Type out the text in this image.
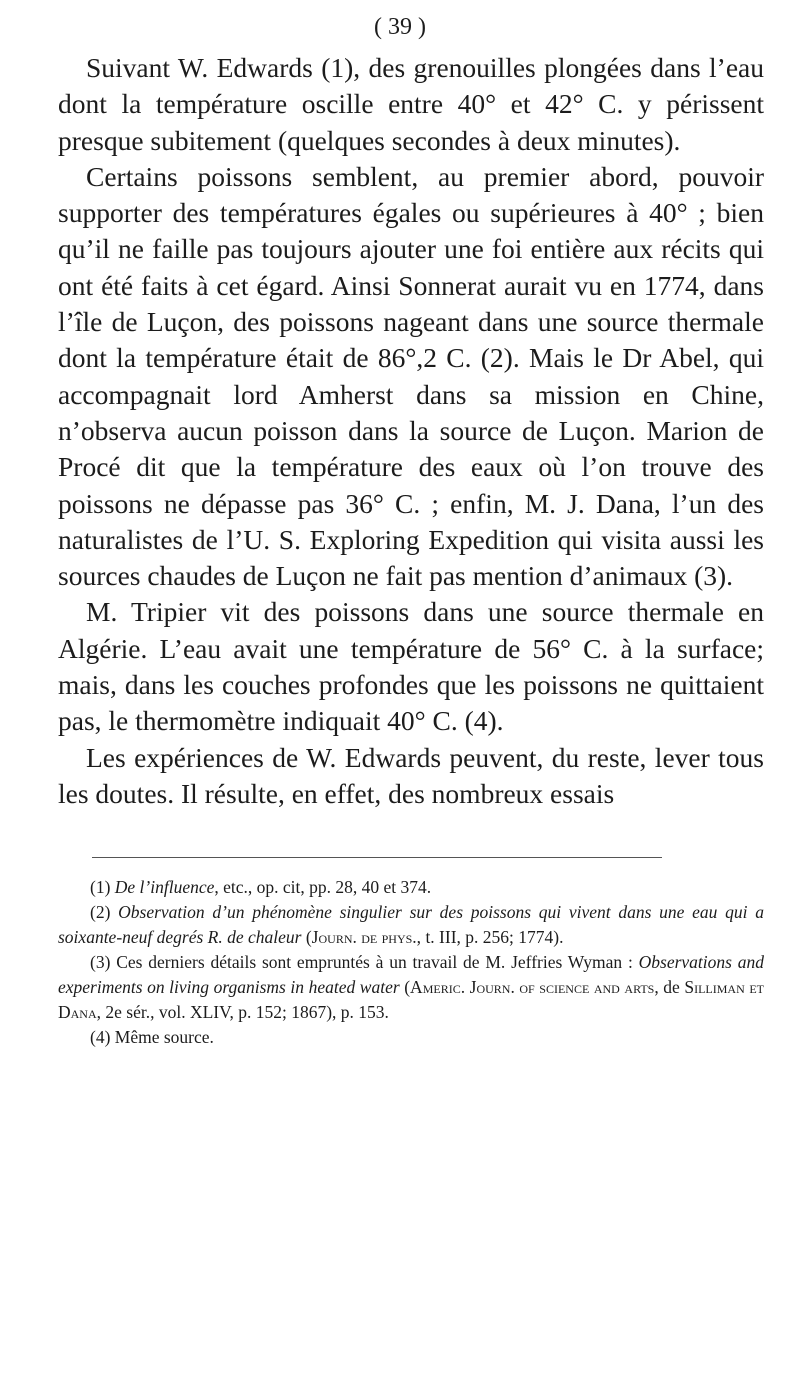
( 39 )

Suivant W. Edwards (1), des grenouilles plongées dans l’eau dont la température oscille entre 40° et 42° C. y périssent presque subitement (quelques secondes à deux minutes).

Certains poissons semblent, au premier abord, pouvoir supporter des températures égales ou supérieures à 40° ; bien qu’il ne faille pas toujours ajouter une foi entière aux récits qui ont été faits à cet égard. Ainsi Sonnerat aurait vu en 1774, dans l’île de Luçon, des poissons nageant dans une source thermale dont la température était de 86°,2 C. (2). Mais le Dr Abel, qui accompagnait lord Amherst dans sa mission en Chine, n’observa aucun poisson dans la source de Luçon. Marion de Procé dit que la température des eaux où l’on trouve des poissons ne dépasse pas 36° C. ; enfin, M. J. Dana, l’un des naturalistes de l’U. S. Exploring Expedition qui visita aussi les sources chaudes de Luçon ne fait pas mention d’animaux (3).

M. Tripier vit des poissons dans une source thermale en Algérie. L’eau avait une température de 56° C. à la surface; mais, dans les couches profondes que les poissons ne quittaient pas, le thermomètre indiquait 40° C. (4).

Les expériences de W. Edwards peuvent, du reste, lever tous les doutes. Il résulte, en effet, des nombreux essais

(1) De l’influence, etc., op. cit, pp. 28, 40 et 374.

(2) Observation d’un phénomène singulier sur des poissons qui vivent dans une eau qui a soixante-neuf degrés R. de chaleur (Journ. de phys., t. III, p. 256; 1774).

(3) Ces derniers détails sont empruntés à un travail de M. Jeffries Wyman : Observations and experiments on living organisms in heated water (Americ. Journ. of science and arts, de Silliman et Dana, 2e sér., vol. XLIV, p. 152; 1867), p. 153.

(4) Même source.
